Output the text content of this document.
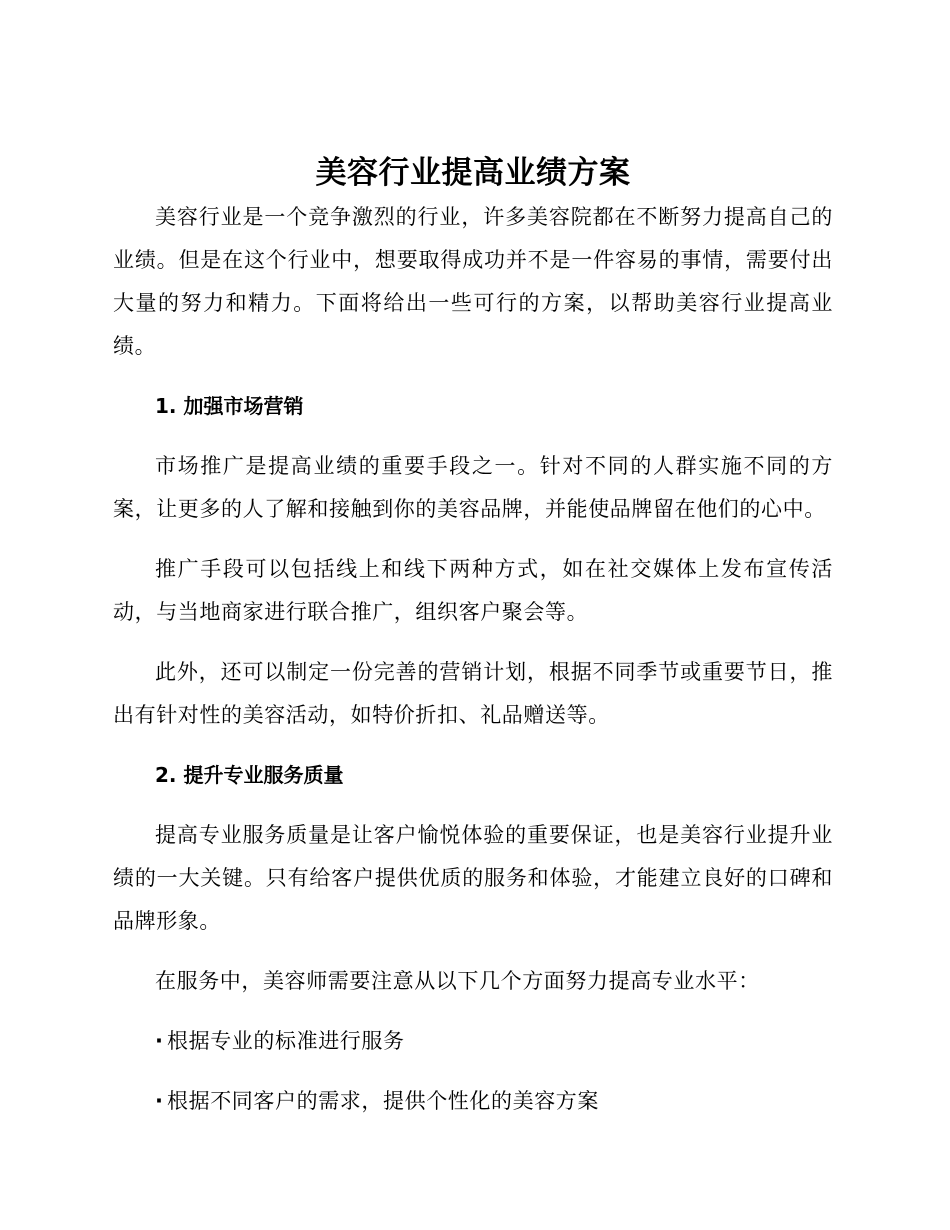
美容行业提高业绩方案

美容行业是一个竞争激烈的行业，许多美容院都在不断努力提高自己的业绩。但是在这个行业中，想要取得成功并不是一件容易的事情，需要付出大量的努力和精力。下面将给出一些可行的方案，以帮助美容行业提高业绩。

1. 加强市场营销

市场推广是提高业绩的重要手段之一。针对不同的人群实施不同的方案，让更多的人了解和接触到你的美容品牌，并能使品牌留在他们的心中。

推广手段可以包括线上和线下两种方式，如在社交媒体上发布宣传活动，与当地商家进行联合推广，组织客户聚会等。

此外，还可以制定一份完善的营销计划，根据不同季节或重要节日，推出有针对性的美容活动，如特价折扣、礼品赠送等。

2. 提升专业服务质量

提高专业服务质量是让客户愉悦体验的重要保证，也是美容行业提升业绩的一大关键。只有给客户提供优质的服务和体验，才能建立良好的口碑和品牌形象。

在服务中，美容师需要注意从以下几个方面努力提高专业水平：

· 根据专业的标准进行服务
· 根据不同客户的需求，提供个性化的美容方案
